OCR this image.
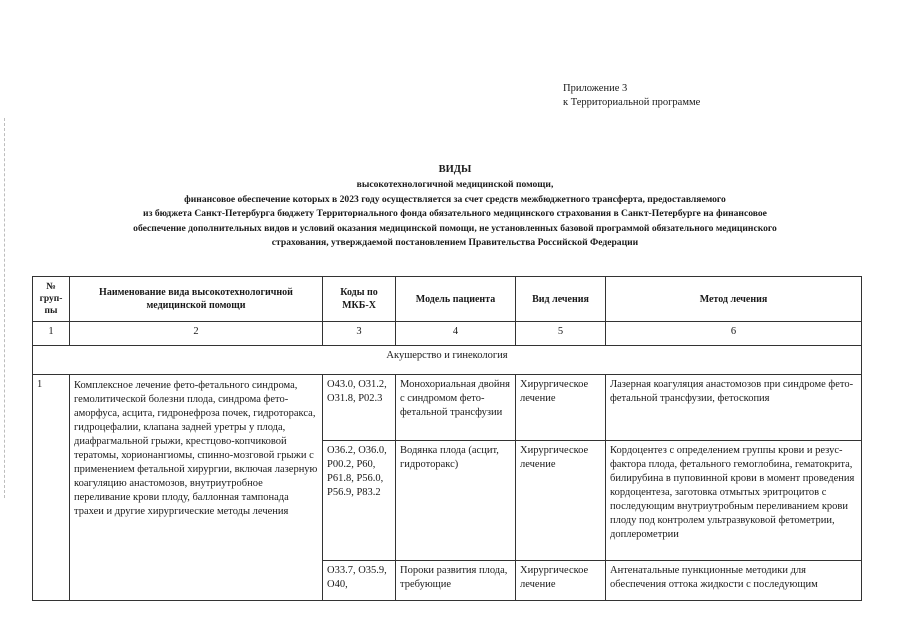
Приложение 3
к Территориальной программе
ВИДЫ
высокотехнологичной медицинской помощи,
финансовое обеспечение которых в 2023 году осуществляется за счет средств межбюджетного трансферта, предоставляемого
из бюджета Санкт-Петербурга бюджету Территориального фонда обязательного медицинского страхования в Санкт-Петербурге на финансовое
обеспечение дополнительных видов и условий оказания медицинской помощи, не установленных базовой программой обязательного медицинского
страхования, утверждаемой постановлением Правительства Российской Федерации
№ груп-пы	Наименование вида высокотехнологичной медицинской помощи	Коды по МКБ-Х	Модель пациента	Вид лечения	Метод лечения
1	2	3	4	5	6
Акушерство и гинекология					
1	Комплексное лечение фето-фетального синдрома, гемолитической болезни плода, синдрома фето-аморфуса, асцита, гидронефроза почек, гидроторакса, гидроцефалии, клапана задней уретры у плода, диафрагмальной грыжи, крестцово-копчиковой тератомы, хорионангиомы, спинно-мозговой грыжи с применением фетальной хирургии, включая лазерную коагуляцию анастомозов, внутриутробное переливание крови плоду, баллонная тампонада трахеи и другие хирургические методы лечения	O43.0, O31.2, O31.8, P02.3	Монохориальная двойня с синдромом фето-фетальной трансфузии	Хирургическое лечение	Лазерная коагуляция анастомозов при синдроме фето-фетальной трансфузии, фетоскопия
		O36.2, O36.0, P00.2, P60, P61.8, P56.0, P56.9, P83.2	Водянка плода (асцит, гидроторакс)	Хирургическое лечение	Кордоцентез с определением группы крови и резус-фактора плода, фетального гемоглобина, гематокрита, билирубина в пуповинной крови в момент проведения кордоцентеза, заготовка отмытых эритроцитов с последующим внутриутробным переливанием крови плоду под контролем ультразвуковой фетометрии, доплерометрии
		O33.7, O35.9, O40,	Пороки развития плода, требующие	Хирургическое лечение	Антенатальные пункционные методики для обеспечения оттока жидкости с последующим
